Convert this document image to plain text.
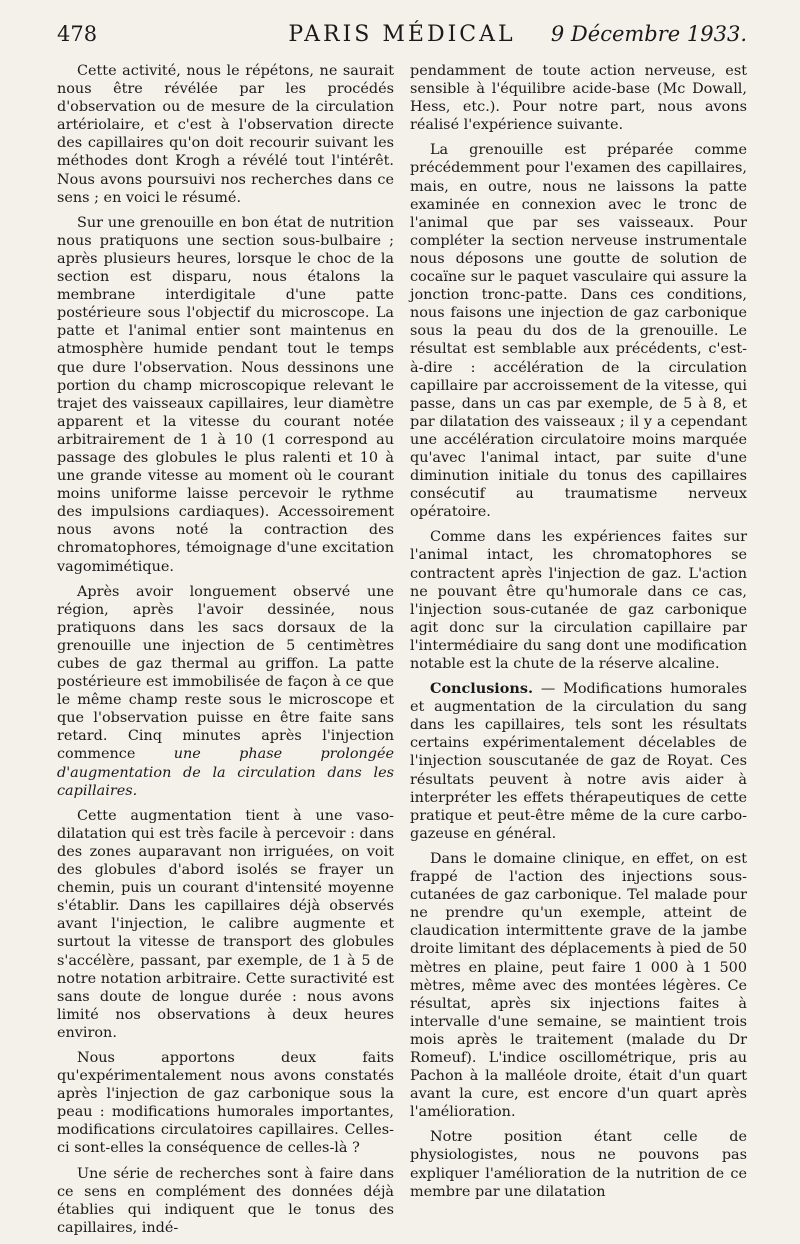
478	PARIS MÉDICAL	9 Décembre 1933.

Cette activité, nous le répétons, ne saurait nous être révélée par les procédés d'observation ou de mesure de la circulation artériolaire, et c'est à l'observation directe des capillaires qu'on doit recourir suivant les méthodes dont Krogh a révélé tout l'intérêt. Nous avons poursuivi nos recherches dans ce sens ; en voici le résumé.

Sur une grenouille en bon état de nutrition nous pratiquons une section sous-bulbaire ; après plusieurs heures, lorsque le choc de la section est disparu, nous étalons la membrane interdigitale d'une patte postérieure sous l'objectif du microscope. La patte et l'animal entier sont maintenus en atmosphère humide pendant tout le temps que dure l'observation. Nous dessinons une portion du champ microscopique relevant le trajet des vaisseaux capillaires, leur diamètre apparent et la vitesse du courant notée arbitrairement de 1 à 10 (1 correspond au passage des globules le plus ralenti et 10 à une grande vitesse au moment où le courant moins uniforme laisse percevoir le rythme des impulsions cardiaques). Accessoirement nous avons noté la contraction des chromatophores, témoignage d'une excitation vagomimétique.

Après avoir longuement observé une région, après l'avoir dessinée, nous pratiquons dans les sacs dorsaux de la grenouille une injection de 5 centimètres cubes de gaz thermal au griffon. La patte postérieure est immobilisée de façon à ce que le même champ reste sous le microscope et que l'observation puisse en être faite sans retard. Cinq minutes après l'injection commence une phase prolongée d'augmentation de la circulation dans les capillaires.

Cette augmentation tient à une vaso-dilatation qui est très facile à percevoir : dans des zones auparavant non irriguées, on voit des globules d'abord isolés se frayer un chemin, puis un courant d'intensité moyenne s'établir. Dans les capillaires déjà observés avant l'injection, le calibre augmente et surtout la vitesse de transport des globules s'accélère, passant, par exemple, de 1 à 5 de notre notation arbitraire. Cette suractivité est sans doute de longue durée : nous avons limité nos observations à deux heures environ.

Nous apportons deux faits qu'expérimentalement nous avons constatés après l'injection de gaz carbonique sous la peau : modifications humorales importantes, modifications circulatoires capillaires. Celles-ci sont-elles la conséquence de celles-là ?

Une série de recherches sont à faire dans ce sens en complément des données déjà établies qui indiquent que le tonus des capillaires, indé-

pendamment de toute action nerveuse, est sensible à l'équilibre acide-base (Mc Dowall, Hess, etc.). Pour notre part, nous avons réalisé l'expérience suivante.

La grenouille est préparée comme précédemment pour l'examen des capillaires, mais, en outre, nous ne laissons la patte examinée en connexion avec le tronc de l'animal que par ses vaisseaux. Pour compléter la section nerveuse instrumentale nous déposons une goutte de solution de cocaïne sur le paquet vasculaire qui assure la jonction tronc-patte. Dans ces conditions, nous faisons une injection de gaz carbonique sous la peau du dos de la grenouille. Le résultat est semblable aux précédents, c'est-à-dire : accélération de la circulation capillaire par accroissement de la vitesse, qui passe, dans un cas par exemple, de 5 à 8, et par dilatation des vaisseaux ; il y a cependant une accélération circulatoire moins marquée qu'avec l'animal intact, par suite d'une diminution initiale du tonus des capillaires consécutif au traumatisme nerveux opératoire.

Comme dans les expériences faites sur l'animal intact, les chromatophores se contractent après l'injection de gaz. L'action ne pouvant être qu'humorale dans ce cas, l'injection sous-cutanée de gaz carbonique agit donc sur la circulation capillaire par l'intermédiaire du sang dont une modification notable est la chute de la réserve alcaline.

Conclusions. — Modifications humorales et augmentation de la circulation du sang dans les capillaires, tels sont les résultats certains expérimentalement décelables de l'injection souscutanée de gaz de Royat. Ces résultats peuvent à notre avis aider à interpréter les effets thérapeutiques de cette pratique et peut-être même de la cure carbo-gazeuse en général.

Dans le domaine clinique, en effet, on est frappé de l'action des injections sous-cutanées de gaz carbonique. Tel malade pour ne prendre qu'un exemple, atteint de claudication intermittente grave de la jambe droite limitant des déplacements à pied de 50 mètres en plaine, peut faire 1 000 à 1 500 mètres, même avec des montées légères. Ce résultat, après six injections faites à intervalle d'une semaine, se maintient trois mois après le traitement (malade du Dr Romeuf). L'indice oscillométrique, pris au Pachon à la malléole droite, était d'un quart avant la cure, est encore d'un quart après l'amélioration.

Notre position étant celle de physiologistes, nous ne pouvons pas expliquer l'amélioration de la nutrition de ce membre par une dilatation
